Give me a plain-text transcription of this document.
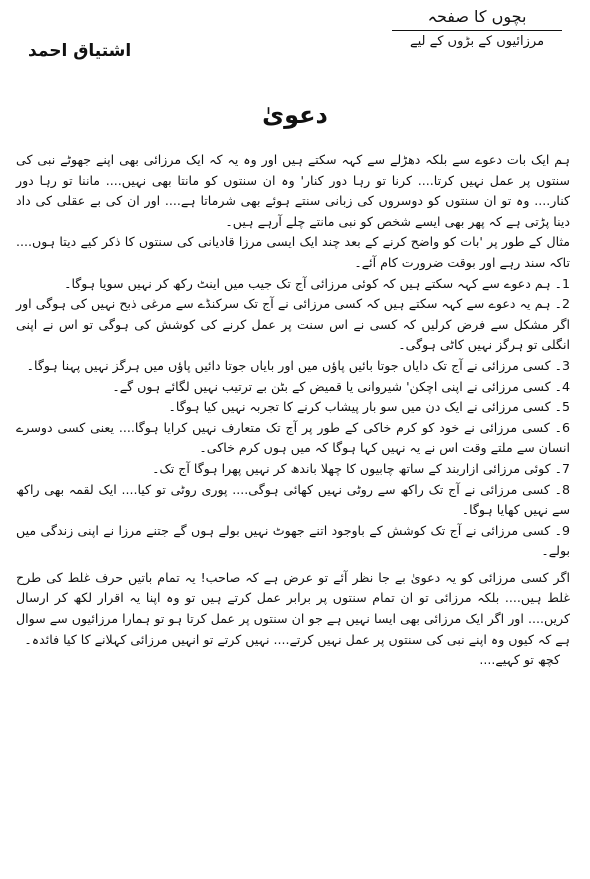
بچوں کا صفحہ
مرزائیوں کے بڑوں کے لیے
اشتیاق احمد
دعویٰ

ہم ایک بات دعوے سے بلکہ دھڑلے سے کہہ سکتے ہیں اور وہ یہ کہ ایک مرزائی بھی اپنے جھوٹے نبی کی سنتوں پر عمل نہیں کرتا.... کرنا تو رہا دور کنار' وہ ان سنتوں کو مانتا بھی نہیں.... ماننا تو رہا دور کنار.... وہ تو ان سنتوں کو دوسروں کی زبانی سنتے ہوئے بھی شرماتا ہے.... اور ان کی بے عقلی کی داد دینا پڑتی ہے کہ پھر بھی ایسے شخص کو نبی مانتے چلے آرہے ہیں۔

مثال کے طور پر 'بات کو واضح کرنے کے بعد چند ایک ایسی مرزا قادیانی کی سنتوں کا ذکر کیے دیتا ہوں.... تاکہ سند رہے اور بوقت ضرورت کام آئے۔

1۔ ہم دعوے سے کہہ سکتے ہیں کہ کوئی مرزائی آج تک جیب میں اینٹ رکھ کر نہیں سویا ہوگا۔

2۔ ہم یہ دعوے سے کہہ سکتے ہیں کہ کسی مرزائی نے آج تک سرکنڈے سے مرغی ذبح نہیں کی ہوگی اور اگر مشکل سے فرض کرلیں کہ کسی نے اس سنت پر عمل کرنے کی کوشش کی ہوگی تو اس نے اپنی انگلی تو ہرگز نہیں کاٹی ہوگی۔

3۔ کسی مرزائی نے آج تک دایاں جوتا بائیں پاؤں میں اور بایاں جوتا دائیں پاؤں میں ہرگز نہیں پہنا ہوگا۔

4۔ کسی مرزائی نے اپنی اچکن' شیروانی یا قمیض کے بٹن بے ترتیب نہیں لگائے ہوں گے۔

5۔ کسی مرزائی نے ایک دن میں سو بار پیشاب کرنے کا تجربہ نہیں کیا ہوگا۔

6۔ کسی مرزائی نے خود کو کرم خاکی کے طور پر آج تک متعارف نہیں کرایا ہوگا.... یعنی کسی دوسرے انسان سے ملتے وقت اس نے یہ نہیں کہا ہوگا کہ میں ہوں کرم خاکی۔

7۔ کوئی مرزائی ازاربند کے ساتھ چابیوں کا چھلا باندھ کر نہیں پھرا ہوگا آج تک۔

8۔ کسی مرزائی نے آج تک راکھ سے روٹی نہیں کھائی ہوگی.... پوری روٹی تو کیا.... ایک لقمہ بھی راکھ سے نہیں کھایا ہوگا۔

9۔ کسی مرزائی نے آج تک کوشش کے باوجود اتنے جھوٹ نہیں بولے ہوں گے جتنے مرزا نے اپنی زندگی میں بولے۔

اگر کسی مرزائی کو یہ دعویٰ بے جا نظر آئے تو عرض ہے کہ صاحب! یہ تمام باتیں حرف غلط کی طرح غلط ہیں.... بلکہ مرزائی تو ان تمام سنتوں پر برابر عمل کرتے ہیں تو وہ اپنا یہ اقرار لکھ کر ارسال کریں.... اور اگر ایک مرزائی بھی ایسا نہیں ہے جو ان سنتوں پر عمل کرتا ہو تو ہمارا مرزائیوں سے سوال ہے کہ کیوں وہ اپنے نبی کی سنتوں پر عمل نہیں کرتے.... نہیں کرتے تو انہیں مرزائی کہلانے کا کیا فائدہ۔

کچھ تو کہیے....
